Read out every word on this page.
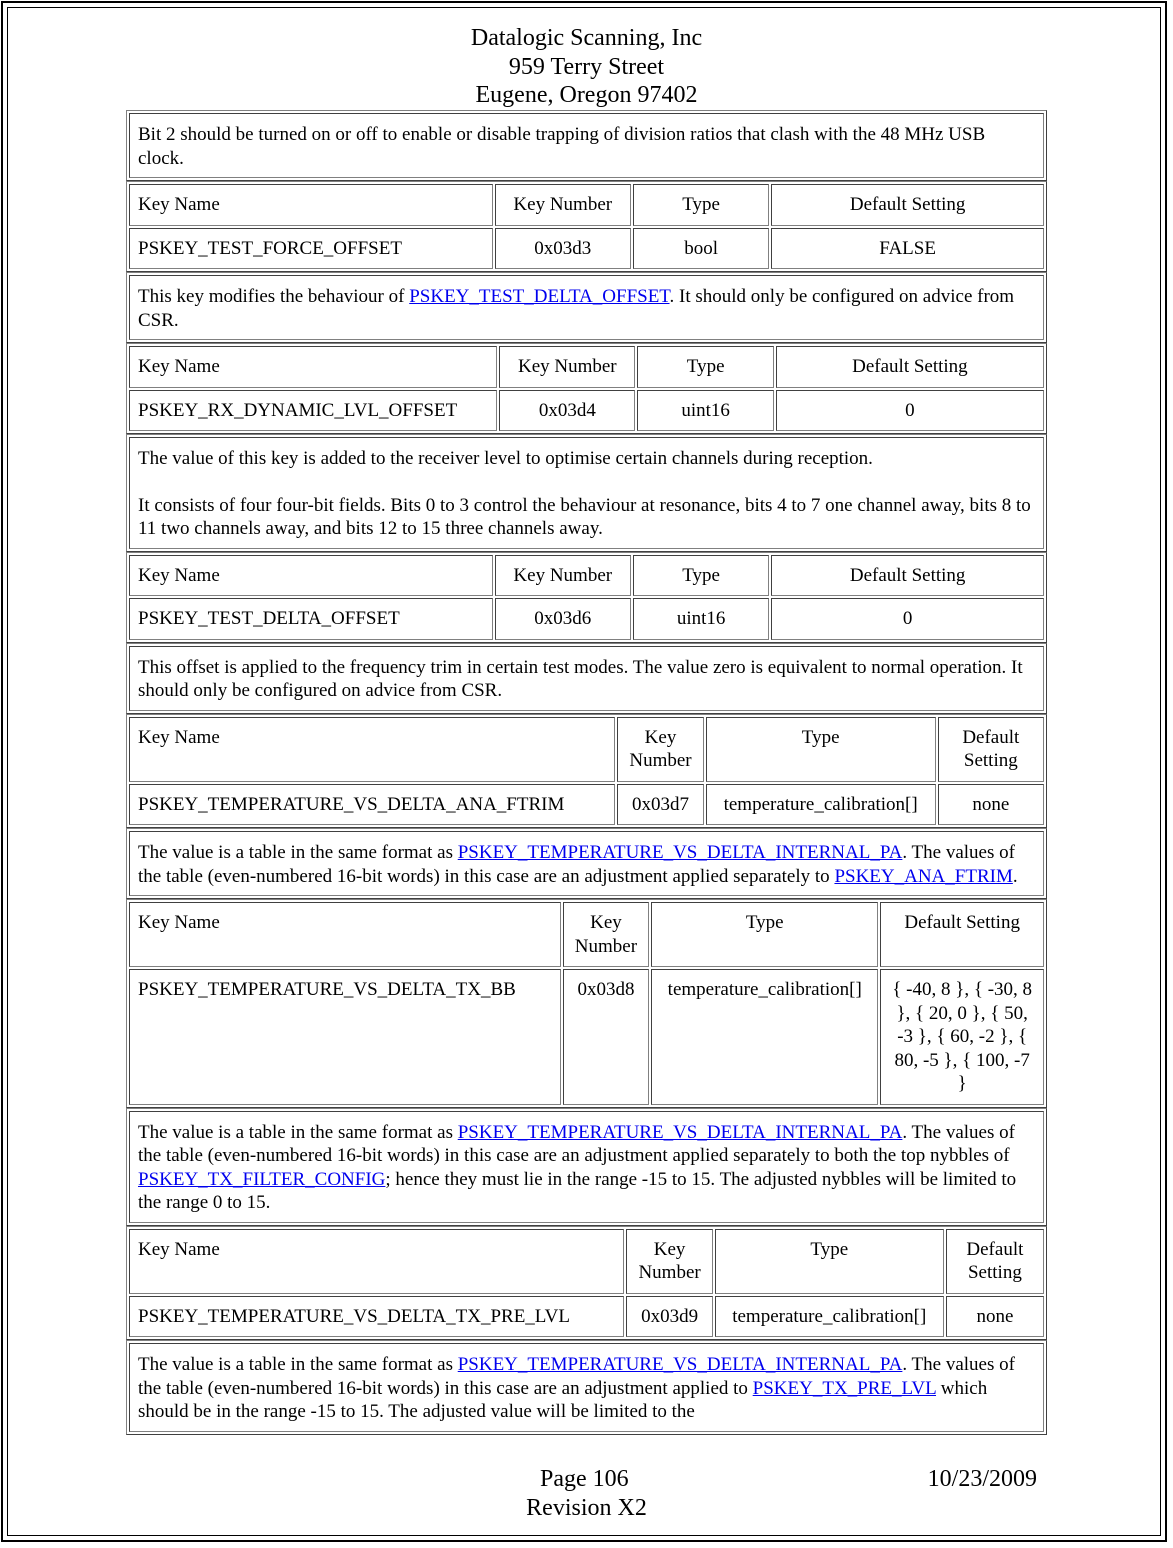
Datalogic Scanning, Inc
959 Terry Street
Eugene, Oregon 97402
Bit 2 should be turned on or off to enable or disable trapping of division ratios that clash with the 48 MHz USB clock.
Key Name	Key Number	Type	Default Setting
PSKEY_TEST_FORCE_OFFSET	0x03d3	bool	FALSE

This key modifies the behaviour of PSKEY_TEST_DELTA_OFFSET. It should only be configured on advice from CSR.

Key Name	Key Number	Type	Default Setting
PSKEY_RX_DYNAMIC_LVL_OFFSET	0x03d4	uint16	0

The value of this key is added to the receiver level to optimise certain channels during reception.

It consists of four four-bit fields. Bits 0 to 3 control the behaviour at resonance, bits 4 to 7 one channel away, bits 8 to 11 two channels away, and bits 12 to 15 three channels away.

Key Name	Key Number	Type	Default Setting
PSKEY_TEST_DELTA_OFFSET	0x03d6	uint16	0

This offset is applied to the frequency trim in certain test modes. The value zero is equivalent to normal operation. It should only be configured on advice from CSR.

Key Name	Key Number	Type	Default Setting
PSKEY_TEMPERATURE_VS_DELTA_ANA_FTRIM	0x03d7	temperature_calibration[]	none

The value is a table in the same format as PSKEY_TEMPERATURE_VS_DELTA_INTERNAL_PA. The values of the table (even-numbered 16-bit words) in this case are an adjustment applied separately to PSKEY_ANA_FTRIM.

Key Name	Key Number	Type	Default Setting
PSKEY_TEMPERATURE_VS_DELTA_TX_BB	0x03d8	temperature_calibration[]	{ -40, 8 }, { -30, 8 }, { 20, 0 }, { 50, -3 }, { 60, -2 }, { 80, -5 }, { 100, -7 }

The value is a table in the same format as PSKEY_TEMPERATURE_VS_DELTA_INTERNAL_PA. The values of the table (even-numbered 16-bit words) in this case are an adjustment applied separately to both the top nybbles of PSKEY_TX_FILTER_CONFIG; hence they must lie in the range -15 to 15. The adjusted nybbles will be limited to the range 0 to 15.

Key Name	Key Number	Type	Default Setting
PSKEY_TEMPERATURE_VS_DELTA_TX_PRE_LVL	0x03d9	temperature_calibration[]	none

The value is a table in the same format as PSKEY_TEMPERATURE_VS_DELTA_INTERNAL_PA. The values of the table (even-numbered 16-bit words) in this case are an adjustment applied to PSKEY_TX_PRE_LVL which should be in the range -15 to 15. The adjusted value will be limited to the

Page 106	10/23/2009
Revision X2
